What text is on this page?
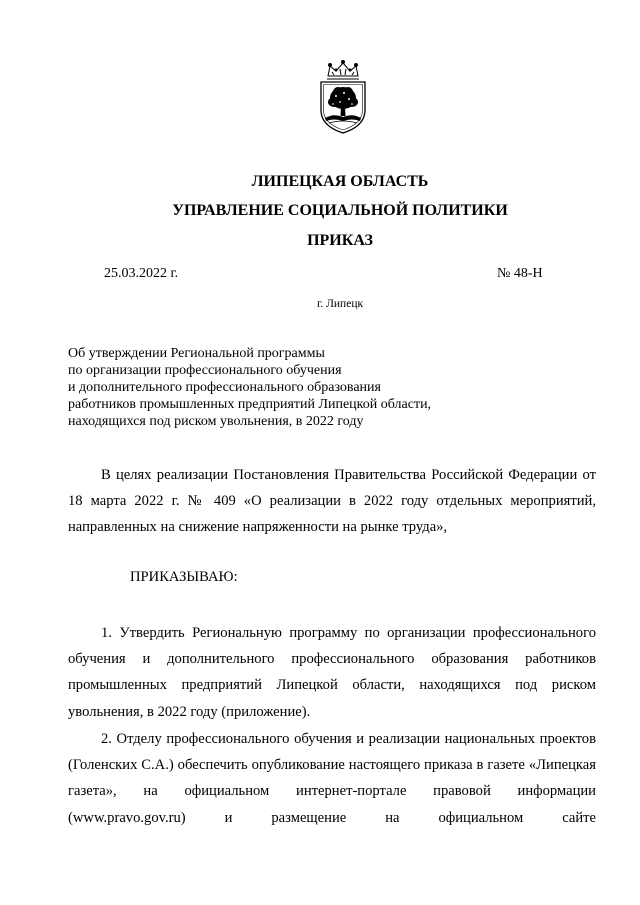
ЛИПЕЦКАЯ ОБЛАСТЬ
УПРАВЛЕНИЕ СОЦИАЛЬНОЙ ПОЛИТИКИ
ПРИКАЗ
25.03.2022 г.	№ 48-Н
г. Липецк
Об утверждении Региональной программы
по организации профессионального обучения
и дополнительного профессионального образования
работников промышленных предприятий Липецкой области,
находящихся под риском увольнения, в 2022 году
В целях реализации Постановления Правительства Российской Федерации от 18 марта 2022 г. № 409 «О реализации в 2022 году отдельных мероприятий, направленных на снижение напряженности на рынке труда»,
ПРИКАЗЫВАЮ:
1. Утвердить Региональную программу по организации профессионального обучения и дополнительного профессионального образования работников промышленных предприятий Липецкой области, находящихся под риском увольнения, в 2022 году (приложение).
2. Отделу профессионального обучения и реализации национальных проектов (Голенских С.А.) обеспечить опубликование настоящего приказа в газете «Липецкая газета», на официальном интернет-портале правовой информации (www.pravo.gov.ru) и размещение на официальном сайте
